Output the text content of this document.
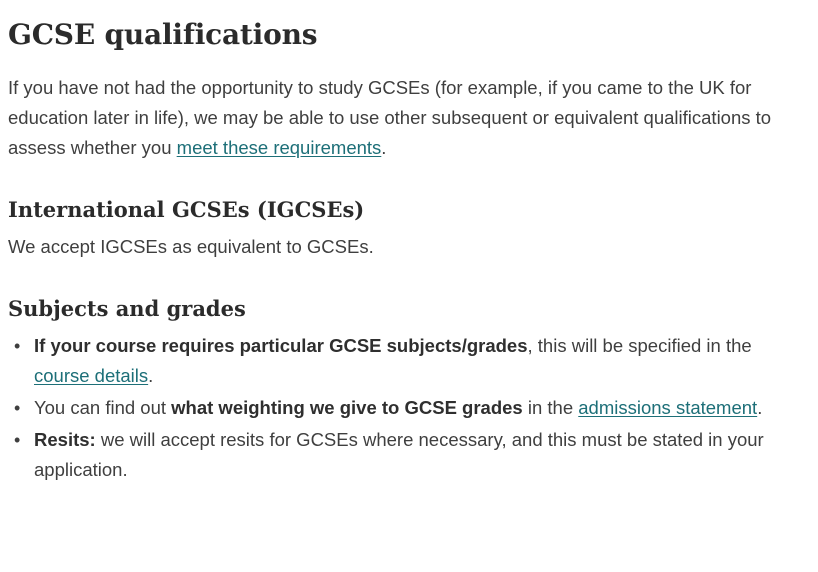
GCSE qualifications

If you have not had the opportunity to study GCSEs (for example, if you came to the UK for education later in life), we may be able to use other subsequent or equivalent qualifications to assess whether you meet these requirements.

International GCSEs (IGCSEs)

We accept IGCSEs as equivalent to GCSEs.

Subjects and grades
• If your course requires particular GCSE subjects/grades, this will be specified in the course details.
• You can find out what weighting we give to GCSE grades in the admissions statement.
• Resits: we will accept resits for GCSEs where necessary, and this must be stated in your application.
